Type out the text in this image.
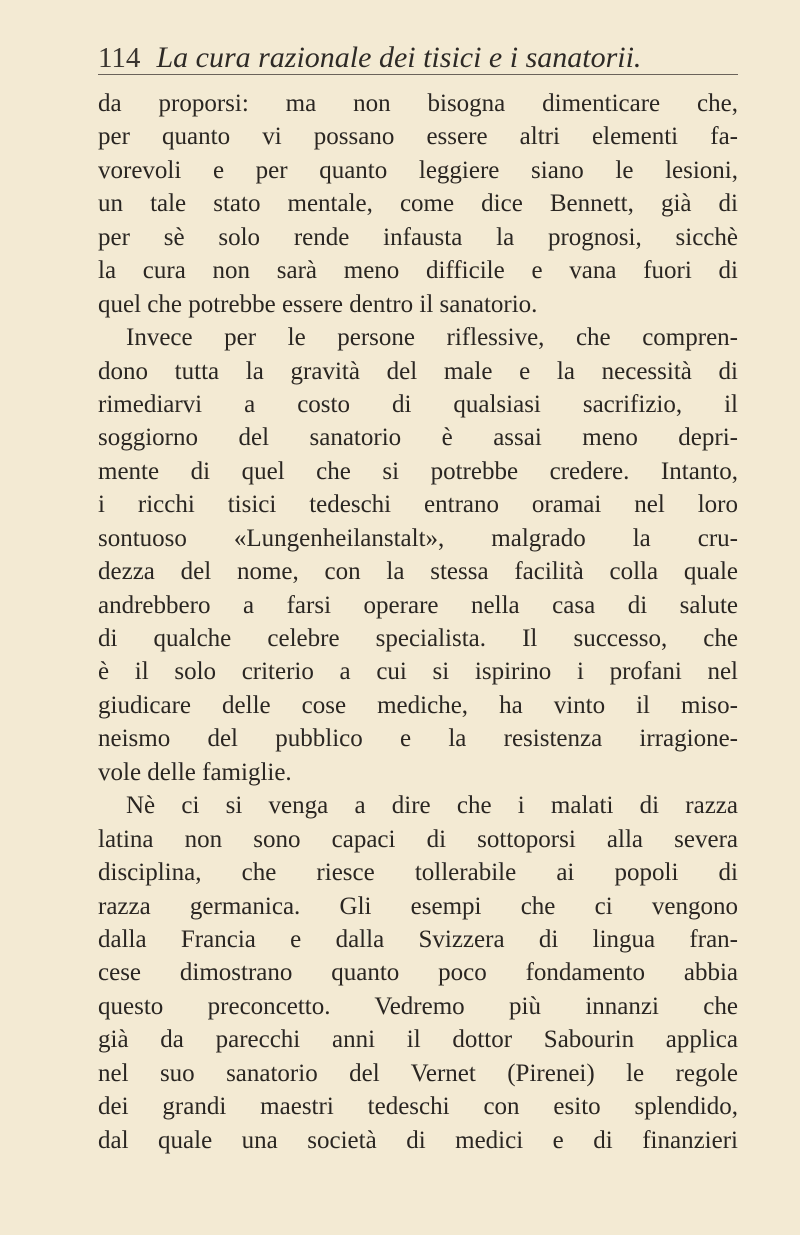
114 La cura razionale dei tisici e i sanatorii.
da proporsi: ma non bisogna dimenticare che,
per quanto vi possano essere altri elementi fa-
vorevoli e per quanto leggiere siano le lesioni,
un tale stato mentale, come dice Bennett, già di
per sè solo rende infausta la prognosi, sicchè
la cura non sarà meno difficile e vana fuori di
quel che potrebbe essere dentro il sanatorio.
Invece per le persone riflessive, che compren-
dono tutta la gravità del male e la necessità di
rimediarvi a costo di qualsiasi sacrifizio, il
soggiorno del sanatorio è assai meno depri-
mente di quel che si potrebbe credere. Intanto,
i ricchi tisici tedeschi entrano oramai nel loro
sontuoso «Lungenheilanstalt», malgrado la cru-
dezza del nome, con la stessa facilità colla quale
andrebbero a farsi operare nella casa di salute
di qualche celebre specialista. Il successo, che
è il solo criterio a cui si ispirino i profani nel
giudicare delle cose mediche, ha vinto il miso-
neismo del pubblico e la resistenza irragione-
vole delle famiglie.
Nè ci si venga a dire che i malati di razza
latina non sono capaci di sottoporsi alla severa
disciplina, che riesce tollerabile ai popoli di
razza germanica. Gli esempi che ci vengono
dalla Francia e dalla Svizzera di lingua fran-
cese dimostrano quanto poco fondamento abbia
questo preconcetto. Vedremo più innanzi che
già da parecchi anni il dottor Sabourin applica
nel suo sanatorio del Vernet (Pirenei) le regole
dei grandi maestri tedeschi con esito splendido,
dal quale una società di medici e di finanzieri
